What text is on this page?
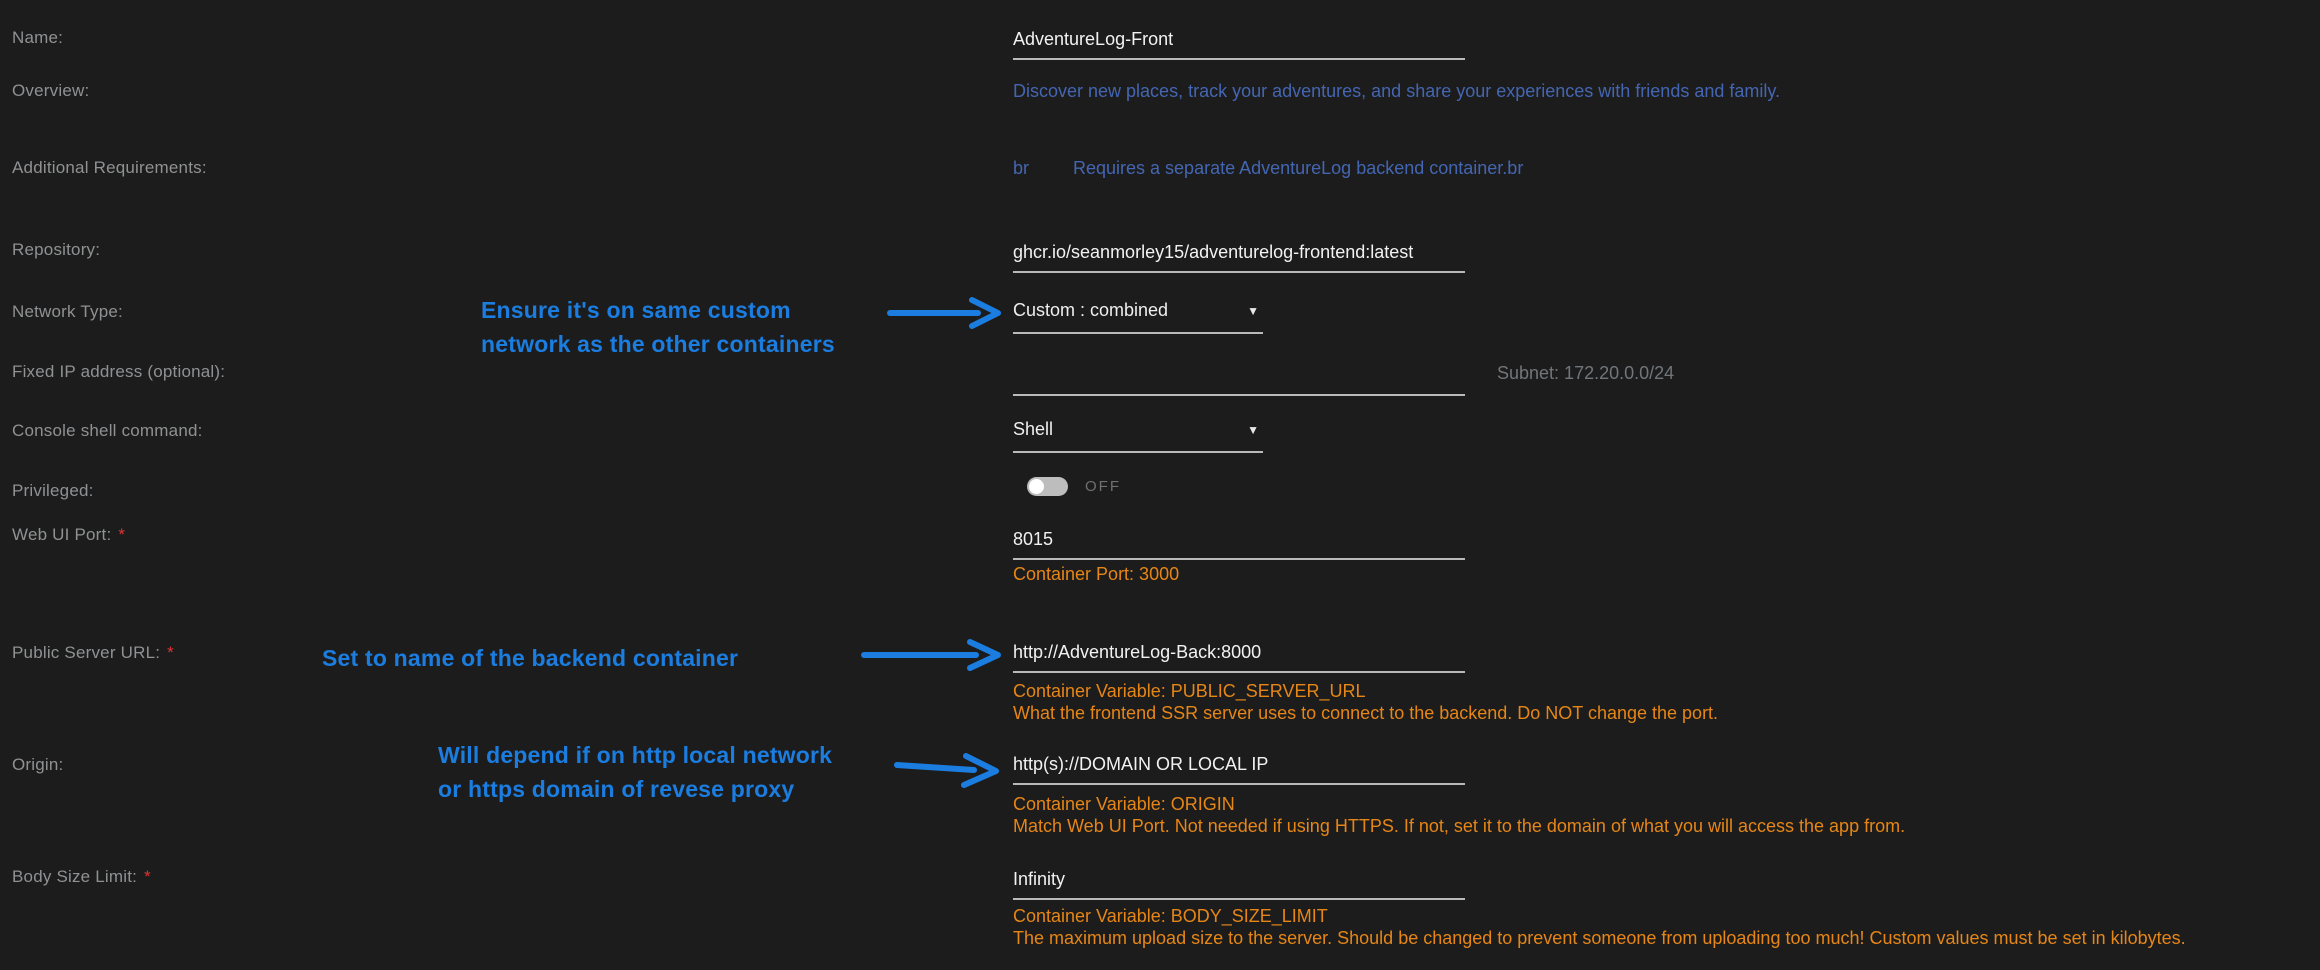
Name:
Overview:
Additional Requirements:
Repository:
Network Type:
Fixed IP address (optional):
Console shell command:
Privileged:
Web UI Port: *
Public Server URL: *
Origin:
Body Size Limit: *
AdventureLog-Front
Discover new places, track your adventures, and share your experiences with friends and family.
br Requires a separate AdventureLog backend container.br
ghcr.io/seanmorley15/adventurelog-frontend:latest
Custom : combined	▼
Subnet: 172.20.0.0/24
Shell	▼
OFF
8015
Container Port: 3000
http://AdventureLog-Back:8000
Container Variable: PUBLIC_SERVER_URL
What the frontend SSR server uses to connect to the backend. Do NOT change the port.
http(s)://DOMAIN OR LOCAL IP
Container Variable: ORIGIN
Match Web UI Port. Not needed if using HTTPS. If not, set it to the domain of what you will access the app from.
Infinity
Container Variable: BODY_SIZE_LIMIT
The maximum upload size to the server. Should be changed to prevent someone from uploading too much! Custom values must be set in kilobytes.
Ensure it's on same custom
network as the other containers
Set to name of the backend container
Will depend if on http local network
or https domain of revese proxy
